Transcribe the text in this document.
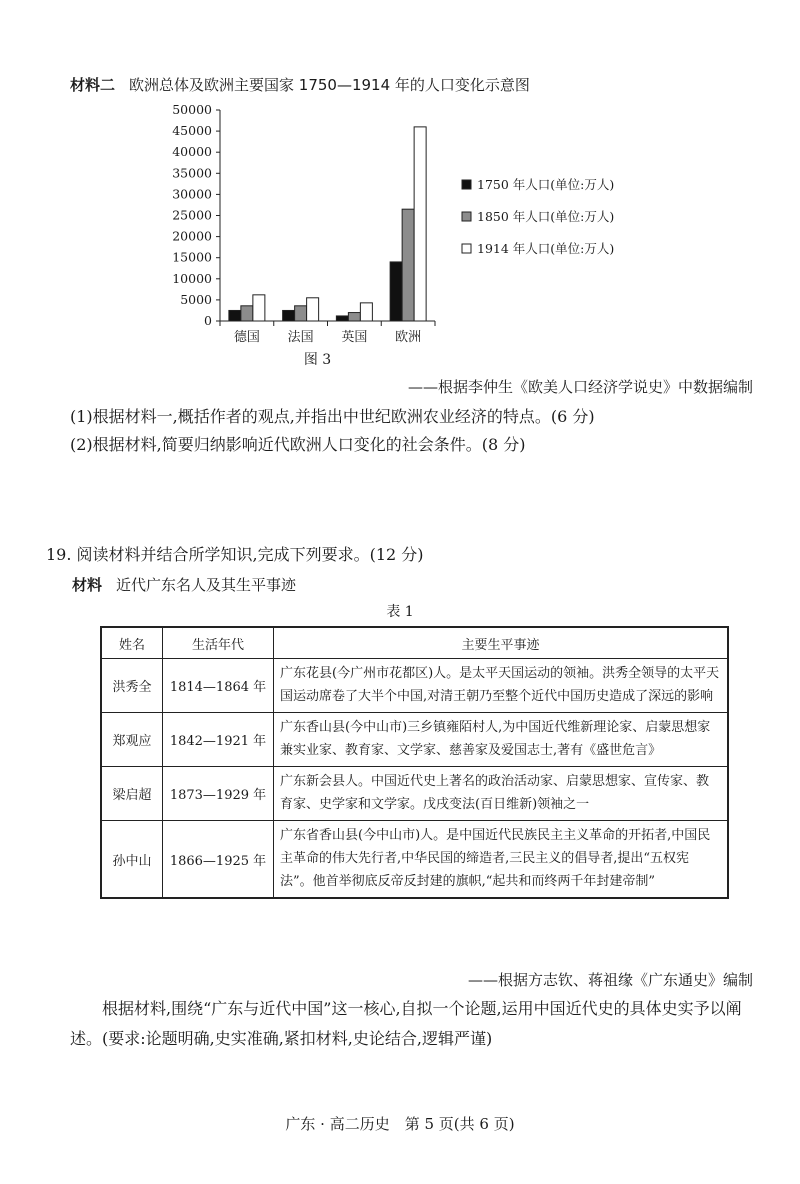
材料二 欧洲总体及欧洲主要国家 1750—1914 年的人口变化示意图
0
5000
10000
15000
20000
25000
30000
35000
40000
45000
50000
德国 法国 英国 欧洲
1750 年人口(单位:万人)
1850 年人口(单位:万人)
1914 年人口(单位:万人)
图 3
——根据李仲生《欧美人口经济学说史》中数据编制
(1)根据材料一,概括作者的观点,并指出中世纪欧洲农业经济的特点。(6 分)
(2)根据材料,简要归纳影响近代欧洲人口变化的社会条件。(8 分)
19. 阅读材料并结合所学知识,完成下列要求。(12 分)
材料 近代广东名人及其生平事迹
表 1
姓名	生活年代	主要生平事迹
洪秀全	1814—1864 年	广东花县(今广州市花都区)人。是太平天国运动的领袖。洪秀全领导的太平天国运动席卷了大半个中国,对清王朝乃至整个近代中国历史造成了深远的影响
郑观应	1842—1921 年	广东香山县(今中山市)三乡镇雍陌村人,为中国近代维新理论家、启蒙思想家兼实业家、教育家、文学家、慈善家及爱国志士,著有《盛世危言》
梁启超	1873—1929 年	广东新会县人。中国近代史上著名的政治活动家、启蒙思想家、宣传家、教育家、史学家和文学家。戊戌变法(百日维新)领袖之一
孙中山	1866—1925 年	广东省香山县(今中山市)人。是中国近代民族民主主义革命的开拓者,中国民主革命的伟大先行者,中华民国的缔造者,三民主义的倡导者,提出“五权宪法”。他首举彻底反帝反封建的旗帜,“起共和而终两千年封建帝制”
——根据方志钦、蒋祖缘《广东通史》编制
根据材料,围绕“广东与近代中国”这一核心,自拟一个论题,运用中国近代史的具体史实予以阐述。(要求:论题明确,史实准确,紧扣材料,史论结合,逻辑严谨)
广东 · 高二历史　第 5 页(共 6 页)
